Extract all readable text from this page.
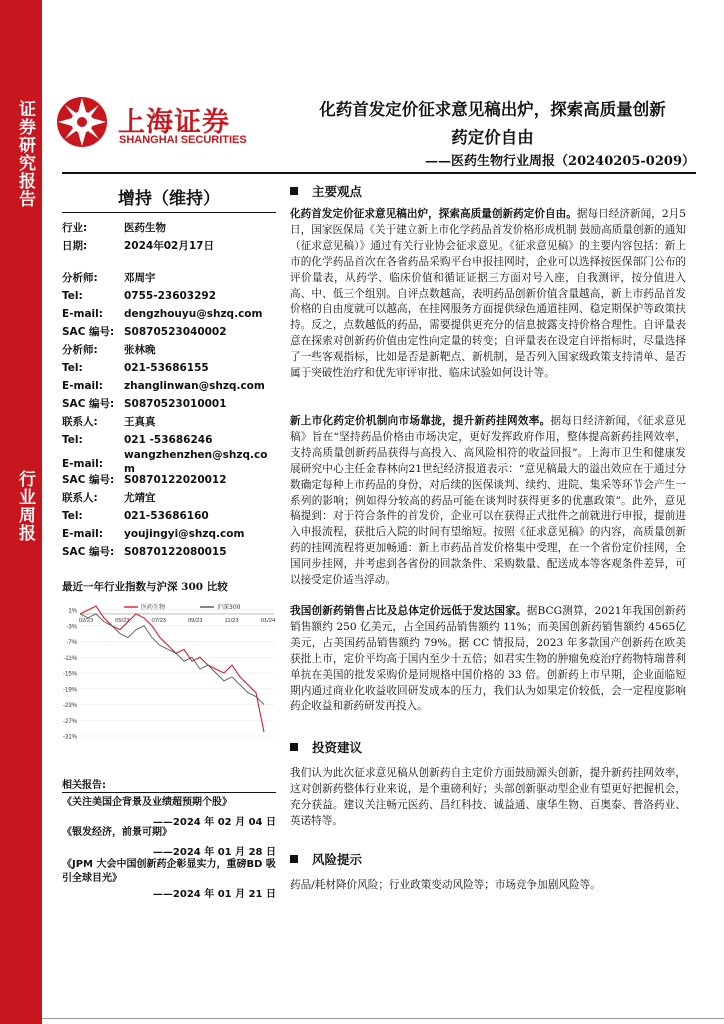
证券研究报告
行业周报
上海证券
SHANGHAI SECURITIES
化药首发定价征求意见稿出炉，探索高质量创新
药定价自由
——医药生物行业周报（20240205-0209）
增持（维持）
行业:	医药生物
日期:	2024年02月17日
分析师:	邓周宇
Tel:	0755-23603292
E-mail: dengzhouyu@shzq.com
SAC 编号: S0870523040002
分析师:	张林晚
Tel:	021-53686155
E-mail: zhanglinwan@shzq.com
SAC 编号: S0870523010001
联系人:	王真真
Tel:	021 -53686246
E-mail:
wangzhenzhen@shzq.com
SAC 编号: S0870122020012
联系人:	尤靖宜
Tel:	021-53686160
E-mail: youjingyi@shzq.com
SAC 编号: S0870122080015
最近一年行业指数与沪深 300 比较
1%
-3%
-7%
-11%
-15%
-19%
-23%
-27%
-31%
02/23	05/23	07/23	09/23	11/23	01/24
医药生物	沪深300
相关报告:
《关注美国企背景及业绩超预期个股》
——2024 年 02 月 04 日
《银发经济，前景可期》
——2024 年 01 月 28 日
《JPM 大会中国创新药企彰显实力，重磅BD 吸引全球目光》
——2024 年 01 月 21 日
主要观点
化药首发定价征求意见稿出炉，探索高质量创新药定价自由。据每日经济新闻，2月5日，国家医保局《关于建立新上市化学药品首发价格形成机制 鼓励高质量创新的通知（征求意见稿）》通过有关行业协会征求意见。《征求意见稿》的主要内容包括：新上市的化学药品首次在各省药品采购平台申报挂网时，企业可以选择按医保部门公布的评价量表，从药学、临床价值和循证证据三方面对号入座，自我测评，按分值进入高、中、低三个组别。自评点数越高，表明药品创新价值含量越高，新上市药品首发价格的自由度就可以越高，在挂网服务方面提供绿色通道挂网、稳定期保护等政策扶持。反之，点数越低的药品，需要提供更充分的信息披露支持价格合理性。自评量表意在探索对创新药价值由定性向定量的转变；自评量表在设定自评指标时，尽量选择了一些客观指标，比如是否是新靶点、新机制，是否列入国家级政策支持清单、是否属于突破性治疗和优先审评审批、临床试验如何设计等。
新上市化药定价机制向市场靠拢，提升新药挂网效率。据每日经济新闻，《征求意见稿》旨在“坚持药品价格由市场决定，更好发挥政府作用，整体提高新药挂网效率，支持高质量创新药品获得与高投入、高风险相符的收益回报”。上海市卫生和健康发展研究中心主任金春林向21世纪经济报道表示：“意见稿最大的溢出效应在于通过分数确定每种上市药品的身份，对后续的医保谈判、续约、进院、集采等环节会产生一系列的影响；例如得分较高的药品可能在谈判时获得更多的优惠政策”。此外，意见稿提到：对于符合条件的首发价，企业可以在获得正式批件之前就进行申报，提前进入申报流程，获批后入院的时间有望缩短。按照《征求意见稿》的内容，高质量创新药的挂网流程将更加畅通：新上市药品首发价格集中受理，在一个省份定价挂网，全国同步挂网，并考虑到各省份的回款条件、采购数量、配送成本等客观条件差异，可以接受定价适当浮动。
我国创新药销售占比及总体定价远低于发达国家。据BCG测算，2021年我国创新药销售额约 250 亿美元，占全国药品销售额约 11%；而美国创新药销售额约 4565亿美元，占美国药品销售额约 79%。据 CC 情报局，2023 年多款国产创新药在欧美获批上市，定价平均高于国内至少十五倍；如君实生物的肿瘤免疫治疗药物特瑞普利单抗在美国的批发采购价是同规格中国价格的 33 倍。创新药上市早期，企业面临短期内通过商业化收益收回研发成本的压力，我们认为如果定价较低，会一定程度影响药企收益和新药研发再投入。
投资建议
我们认为此次征求意见稿从创新药自主定价方面鼓励源头创新，提升新药挂网效率，这对创新药整体行业来说，是个重磅利好；头部创新驱动型企业有望更好把握机会，充分获益。建议关注畅元医药、昌红科技、诚益通、康华生物、百奥泰、普洛药业、英诺特等。
风险提示
药品/耗材降价风险；行业政策变动风险等；市场竞争加剧风险等。
